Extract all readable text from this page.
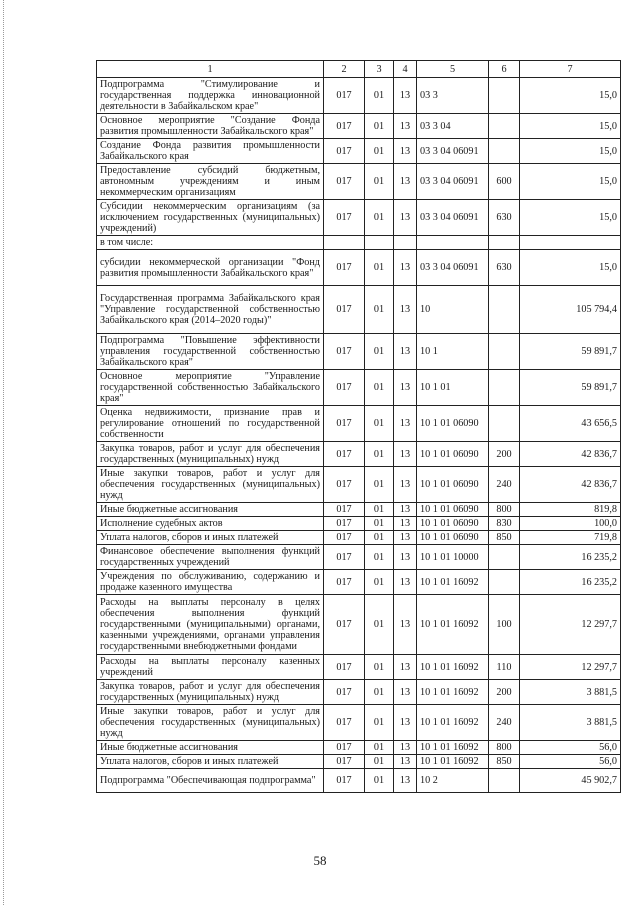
1	2	3	4	5	6	7
Подпрограмма "Стимулирование и государственная поддержка инновационной деятельности в Забайкальском крае"	017	01	13	03 3		15,0
Основное мероприятие "Создание Фонда развития промышленности Забайкальского края"	017	01	13	03 3 04		15,0
Создание Фонда развития промышленности Забайкальского края	017	01	13	03 3 04 06091		15,0
Предоставление субсидий бюджетным, автономным учреждениям и иным некоммерческим организациям	017	01	13	03 3 04 06091	600	15,0
Субсидии некоммерческим организациям (за исключением государственных (муниципальных) учреждений)	017	01	13	03 3 04 06091	630	15,0
в том числе:						
субсидии некоммерческой организации "Фонд развития промышленности Забайкальского края"	017	01	13	03 3 04 06091	630	15,0
Государственная программа Забайкальского края "Управление государственной собственностью Забайкальского края (2014–2020 годы)"	017	01	13	10		105 794,4
Подпрограмма "Повышение эффективности управления государственной собственностью Забайкальского края"	017	01	13	10 1		59 891,7
Основное мероприятие "Управление государственной собственностью Забайкальского края"	017	01	13	10 1 01		59 891,7
Оценка недвижимости, признание прав и регулирование отношений по государственной собственности	017	01	13	10 1 01 06090		43 656,5
Закупка товаров, работ и услуг для обеспечения государственных (муниципальных) нужд	017	01	13	10 1 01 06090	200	42 836,7
Иные закупки товаров, работ и услуг для обеспечения государственных (муниципальных) нужд	017	01	13	10 1 01 06090	240	42 836,7
Иные бюджетные ассигнования	017	01	13	10 1 01 06090	800	819,8
Исполнение судебных актов	017	01	13	10 1 01 06090	830	100,0
Уплата налогов, сборов и иных платежей	017	01	13	10 1 01 06090	850	719,8
Финансовое обеспечение выполнения функций государственных учреждений	017	01	13	10 1 01 10000		16 235,2
Учреждения по обслуживанию, содержанию и продаже казенного имущества	017	01	13	10 1 01 16092		16 235,2
Расходы на выплаты персоналу в целях обеспечения выполнения функций государственными (муниципальными) органами, казенными учреждениями, органами управления государственными внебюджетными фондами	017	01	13	10 1 01 16092	100	12 297,7
Расходы на выплаты персоналу казенных учреждений	017	01	13	10 1 01 16092	110	12 297,7
Закупка товаров, работ и услуг для обеспечения государственных (муниципальных) нужд	017	01	13	10 1 01 16092	200	3 881,5
Иные закупки товаров, работ и услуг для обеспечения государственных (муниципальных) нужд	017	01	13	10 1 01 16092	240	3 881,5
Иные бюджетные ассигнования	017	01	13	10 1 01 16092	800	56,0
Уплата налогов, сборов и иных платежей	017	01	13	10 1 01 16092	850	56,0
Подпрограмма "Обеспечивающая подпрограмма"	017	01	13	10 2		45 902,7
58
